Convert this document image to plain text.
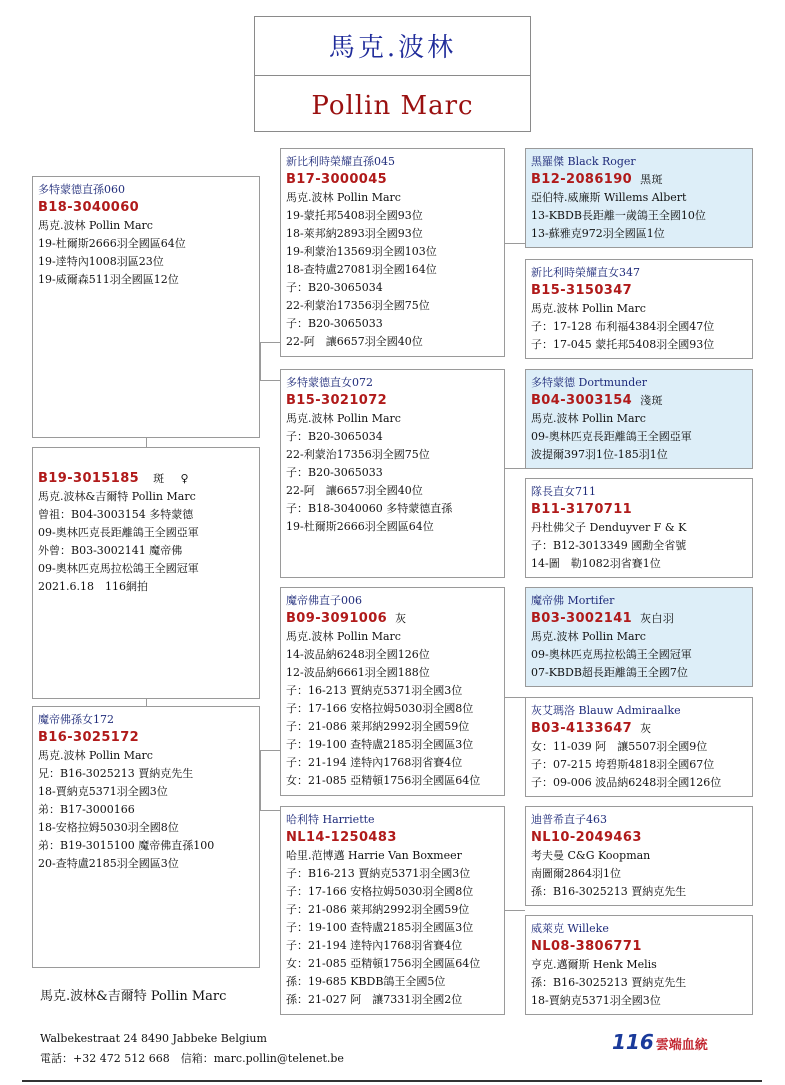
馬克.波林
Pollin Marc
多特蒙德直孫060
B18-3040060
馬克.波林 Pollin Marc
19-杜爾斯2666羽全國區64位
19-逹特內1008羽區23位
19-威爾森511羽全國區12位
B19-3015185 斑 ♀
馬克.波林&吉爾特 Pollin Marc
曾祖：B04-3003154 多特蒙德
09-奧林匹克長距離鴿王全國亞軍
外曾：B03-3002141 魔帝佛
09-奧林匹克馬拉松鴿王全國冠軍
2021.6.18　116網拍
魔帝佛孫女172
B16-3025172
馬克.波林 Pollin Marc
兄：B16-3025213 賈納克先生
18-賈納克5371羽全國3位
弟：B17-3000166
18-安格拉姆5030羽全國8位
弟：B19-3015100 魔帝佛直孫100
20-查特盧2185羽全國區3位
新比利時榮耀直孫045
B17-3000045
馬克.波林 Pollin Marc
19-蒙托邦5408羽全國93位
18-萊邦納2893羽全國93位
19-利蒙治13569羽全國103位
18-查特盧27081羽全國164位
子：B20-3065034
22-利蒙治17356羽全國75位
子：B20-3065033
22-阿　讓6657羽全國40位
多特蒙德直女072
B15-3021072
馬克.波林 Pollin Marc
子：B20-3065034
22-利蒙治17356羽全國75位
子：B20-3065033
22-阿　讓6657羽全國40位
子：B18-3040060 多特蒙德直孫
19-杜爾斯2666羽全國區64位
魔帝佛直子006
B09-3091006 灰
馬克.波林 Pollin Marc
14-波品納6248羽全國126位
12-波品納6661羽全國188位
子：16-213 賈納克5371羽全國3位
子：17-166 安格拉姆5030羽全國8位
子：21-086 萊邦納2992羽全國59位
子：19-100 查特盧2185羽全國區3位
子：21-194 逹特內1768羽省賽4位
女：21-085 亞精頓1756羽全國區64位
哈利特 Harriette
NL14-1250483
哈里.范博邁 Harrie Van Boxmeer
子：B16-213 賈納克5371羽全國3位
子：17-166 安格拉姆5030羽全國8位
子：21-086 萊邦納2992羽全國59位
子：19-100 查特盧2185羽全國區3位
子：21-194 逹特內1768羽省賽4位
女：21-085 亞精頓1756羽全國區64位
孫：19-685 KBDB鴿王全國5位
孫：21-027 阿　讓7331羽全國2位
黑羅傑 Black Roger
B12-2086190 黑斑
亞伯特.威廉斯 Willems Albert
13-KBDB長距離一歲鴿王全國10位
13-蘇雅克972羽全國區1位
新比利時榮耀直女347
B15-3150347
馬克.波林 Pollin Marc
子：17-128 布利福4384羽全國47位
子：17-045 蒙托邦5408羽全國93位
多特蒙德 Dortmunder
B04-3003154 淺斑
馬克.波林 Pollin Marc
09-奧林匹克長距離鴿王全國亞軍
波提爾397羽1位-185羽1位
隊長直女711
B11-3170711
丹杜佛父子 Denduyver F & K
子：B12-3013349 國勳全省號
14-圖　勒1082羽省賽1位
魔帝佛 Mortifer
B03-3002141 灰白羽
馬克.波林 Pollin Marc
09-奧林匹克馬拉松鴿王全國冠軍
07-KBDB超長距離鴿王全國7位
灰艾瑪洛 Blauw Admiraalke
B03-4133647 灰
女：11-039 阿　讓5507羽全國9位
子：07-215 垮碧斯4818羽全國67位
子：09-006 波品納6248羽全國126位
迪普希直子463
NL10-2049463
考夫曼 C&G Koopman
南圖爾2864羽1位
孫：B16-3025213 賈納克先生
威萊克 Willeke
NL08-3806771
亨克.邁爾斯 Henk Melis
孫：B16-3025213 賈納克先生
18-賈納克5371羽全國3位
馬克.波林&吉爾特 Pollin Marc
Walbekestraat 24 8490 Jabbeke Belgium
電話：+32 472 512 668　信箱：marc.pollin@telenet.be
116 雲端血統
